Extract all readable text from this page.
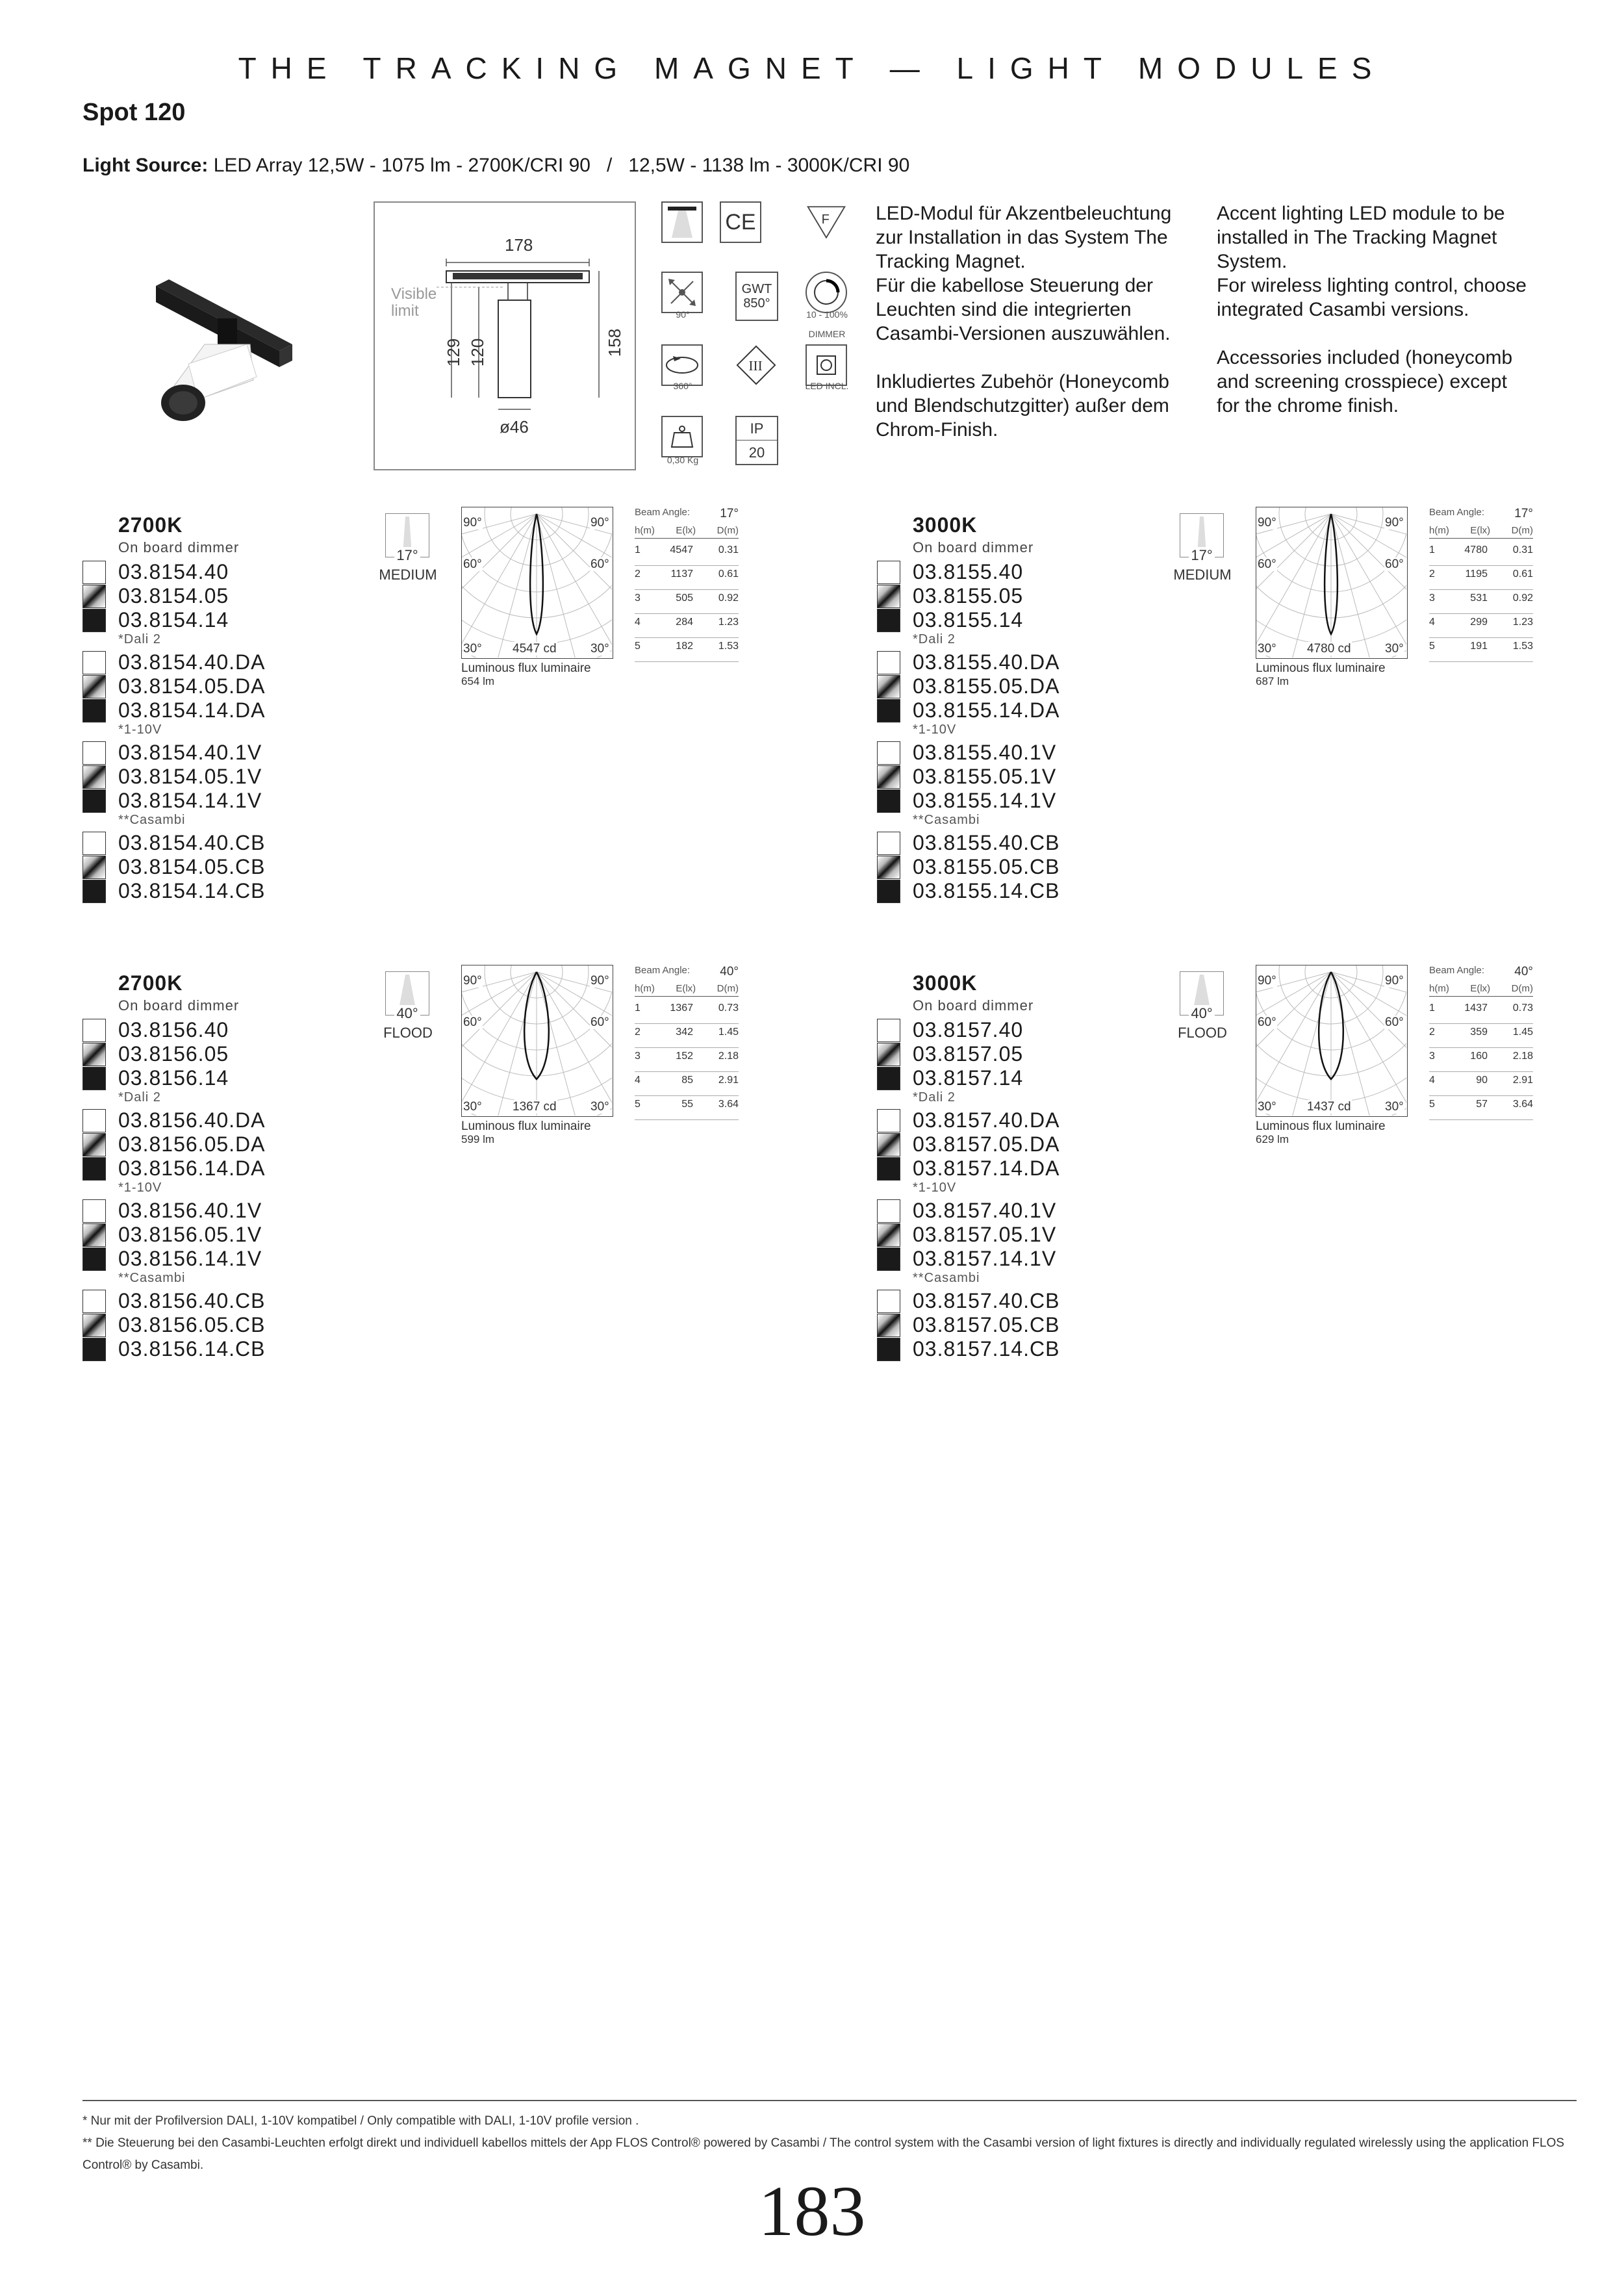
THE TRACKING MAGNET — LIGHT MODULES
Spot 120
Light Source: LED Array 12,5W - 1075 lm - 2700K/CRI 90   /   12,5W - 1138 lm - 3000K/CRI 90
178
Visible
limit
129 120	158
ø46
CE	F
90°
GWT
850°
10 - 100%
DIMMER
360°
III
LED INCL.
0,30 Kg
IP
20
LED-Modul für Akzentbeleuchtung
zur Installation in das System The
Tracking Magnet.
Für die kabellose Steuerung der
Leuchten sind die integrierten
Casambi-Versionen auszuwählen.

Inkludiertes Zubehör (Honeycomb
und Blendschutzgitter) außer dem
Chrom-Finish.
Accent lighting LED module to be
installed in The Tracking Magnet
System.
For wireless lighting control, choose
integrated Casambi versions.

Accessories included (honeycomb
and screening crosspiece) except
for the chrome finish.
2700K
On board dimmer
03.8154.40
03.8154.05
03.8154.14
*Dali 2
03.8154.40.DA
03.8154.05.DA
03.8154.14.DA
*1-10V
03.8154.40.1V
03.8154.05.1V
03.8154.14.1V
**Casambi
03.8154.40.CB
03.8154.05.CB
03.8154.14.CB
17°
MEDIUM
90°	90°
60°	60°
30°	30°
4547 cd
Luminous flux luminaire
654 lm
Beam Angle: 17°
h(m) E(lx) D(m)
1	4547	0.31
2	1137	0.61
3	505	0.92
4	284	1.23
5	182	1.53
3000K
On board dimmer
03.8155.40
03.8155.05
03.8155.14
*Dali 2
03.8155.40.DA
03.8155.05.DA
03.8155.14.DA
*1-10V
03.8155.40.1V
03.8155.05.1V
03.8155.14.1V
**Casambi
03.8155.40.CB
03.8155.05.CB
03.8155.14.CB
17°
MEDIUM
90°	90°
60°	60°
30°	30°
4780 cd
Luminous flux luminaire
687 lm
Beam Angle: 17°
h(m) E(lx) D(m)
1	4780	0.31
2	1195	0.61
3	531	0.92
4	299	1.23
5	191	1.53
2700K
On board dimmer
03.8156.40
03.8156.05
03.8156.14
*Dali 2
03.8156.40.DA
03.8156.05.DA
03.8156.14.DA
*1-10V
03.8156.40.1V
03.8156.05.1V
03.8156.14.1V
**Casambi
03.8156.40.CB
03.8156.05.CB
03.8156.14.CB
40°
FLOOD
90°	90°
60°	60°
30°	30°
1367 cd
Luminous flux luminaire
599 lm
Beam Angle: 40°
h(m) E(lx) D(m)
1	1367	0.73
2	342	1.45
3	152	2.18
4	85	2.91
5	55	3.64
3000K
On board dimmer
03.8157.40
03.8157.05
03.8157.14
*Dali 2
03.8157.40.DA
03.8157.05.DA
03.8157.14.DA
*1-10V
03.8157.40.1V
03.8157.05.1V
03.8157.14.1V
**Casambi
03.8157.40.CB
03.8157.05.CB
03.8157.14.CB
40°
FLOOD
90°	90°
60°	60°
30°	30°
1437 cd
Luminous flux luminaire
629 lm
Beam Angle: 40°
h(m) E(lx) D(m)
1	1437	0.73
2	359	1.45
3	160	2.18
4	90	2.91
5	57	3.64
* Nur mit der Profilversion DALI, 1-10V kompatibel / Only compatible with DALI, 1-10V profile version .
** Die Steuerung bei den Casambi-Leuchten erfolgt direkt und individuell kabellos mittels der App FLOS Control® powered by Casambi / The control system with the Casambi version of light fixtures is directly and individually regulated wirelessly using the application FLOS Control® by Casambi.
183
